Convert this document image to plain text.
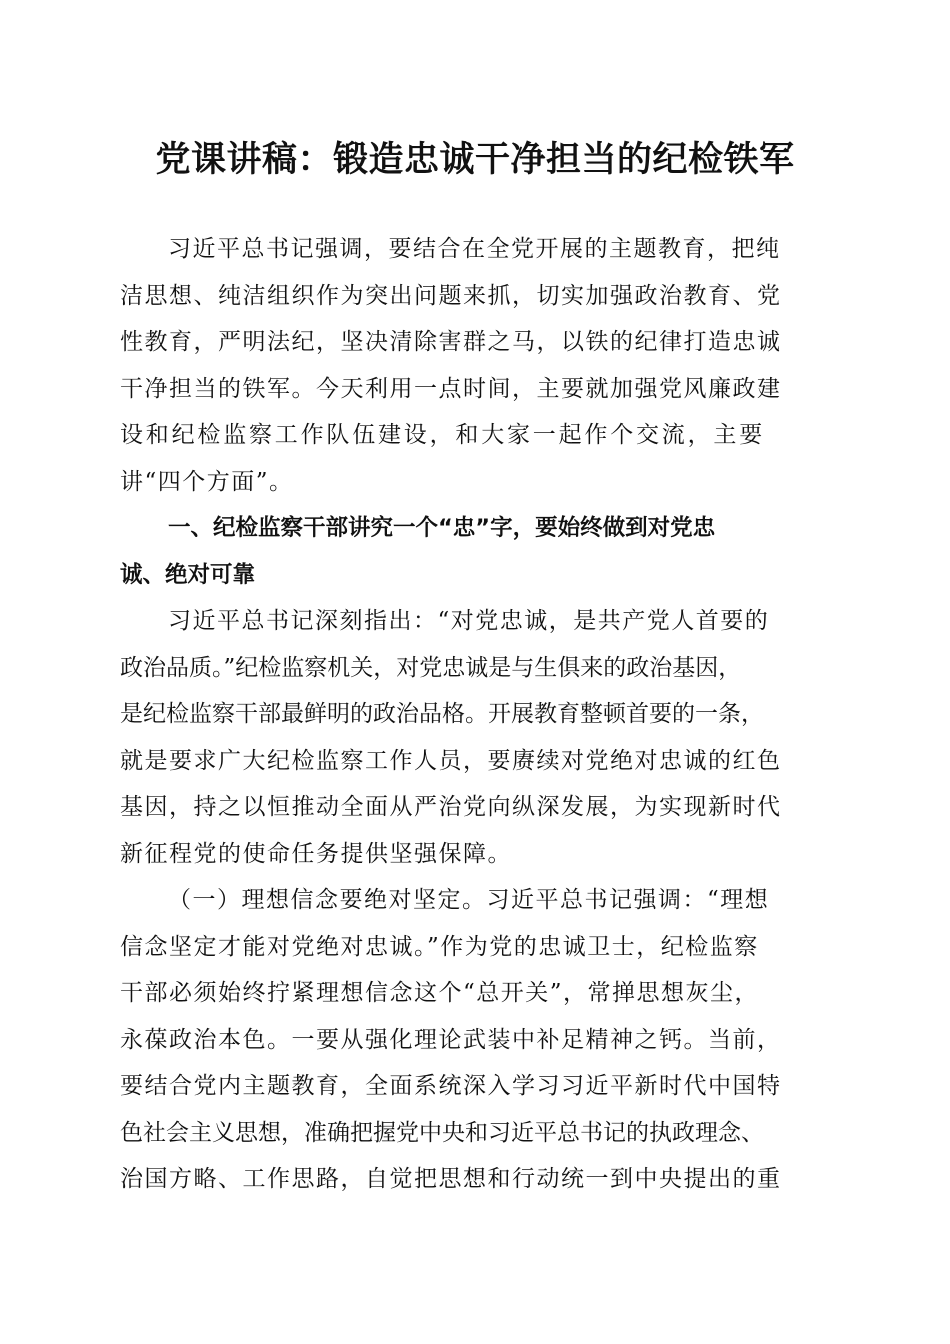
党课讲稿：锻造忠诚干净担当的纪检铁军
习近平总书记强调，要结合在全党开展的主题教育，把纯
洁思想、纯洁组织作为突出问题来抓，切实加强政治教育、党
性教育，严明法纪，坚决清除害群之马，以铁的纪律打造忠诚
干净担当的铁军。今天利用一点时间，主要就加强党风廉政建
设和纪检监察工作队伍建设，和大家一起作个交流，主要
讲“四个方面”。
一、纪检监察干部讲究一个“忠”字，要始终做到对党忠
诚、绝对可靠
习近平总书记深刻指出：“对党忠诚，是共产党人首要的
政治品质。”纪检监察机关，对党忠诚是与生俱来的政治基因，
是纪检监察干部最鲜明的政治品格。开展教育整顿首要的一条，
就是要求广大纪检监察工作人员，要赓续对党绝对忠诚的红色
基因，持之以恒推动全面从严治党向纵深发展，为实现新时代
新征程党的使命任务提供坚强保障。
（一）理想信念要绝对坚定。习近平总书记强调：“理想
信念坚定才能对党绝对忠诚。”作为党的忠诚卫士，纪检监察
干部必须始终拧紧理想信念这个“总开关”，常掸思想灰尘，
永葆政治本色。一要从强化理论武装中补足精神之钙。当前，
要结合党内主题教育，全面系统深入学习习近平新时代中国特
色社会主义思想，准确把握党中央和习近平总书记的执政理念、
治国方略、工作思路，自觉把思想和行动统一到中央提出的重
